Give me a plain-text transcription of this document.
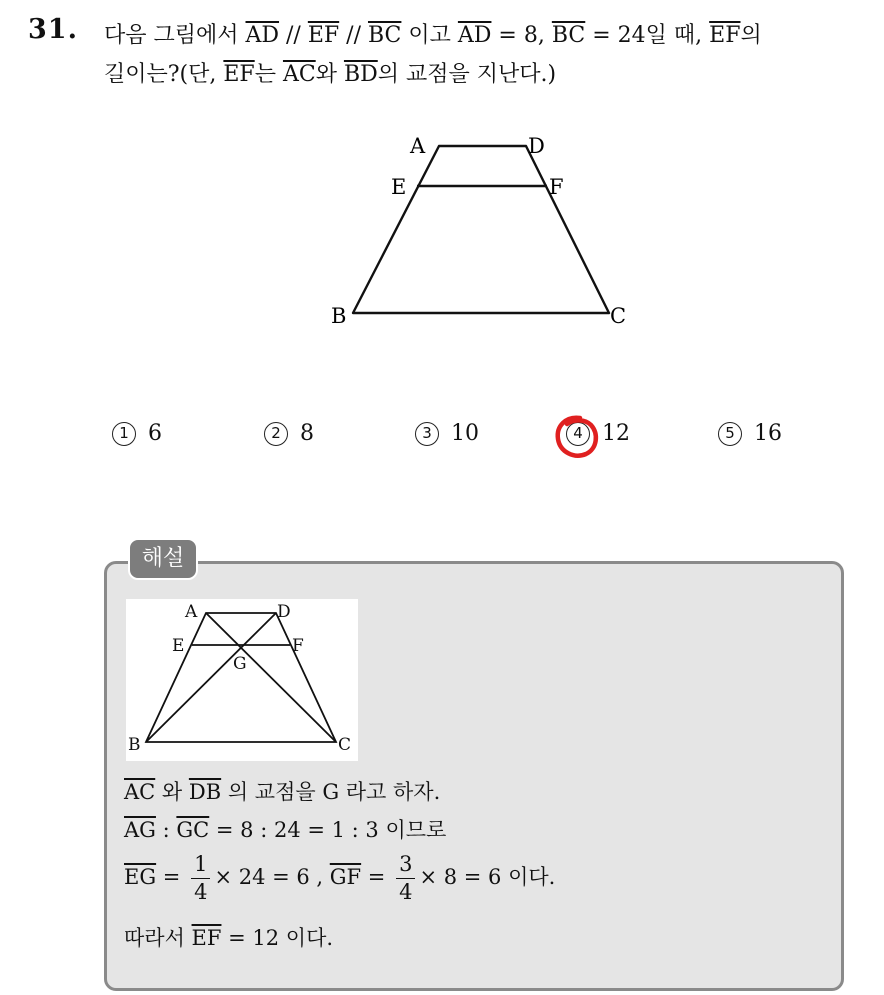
31. 다음 그림에서 $\overline{AD} // \overline{EF} // \overline{BC}$ 이고 $\overline{AD} = 8$, $\overline{BC} = 24$일 때, $\overline{EF}$의
길이는?(단, $\overline{EF}$는 $\overline{AC}$와 $\overline{BD}$의 교점을 지난다.)
A	D
E	F
B	C
1 6	2 8	3 10	4 12	5 16
해설
A	D
E	F
G
B	C
$\overline{AC}$ 와 $\overline{DB}$ 의 교점을 G 라고 하자.
$\overline{AG}$ : $\overline{GC} = 8$ : 24 = 1 : 3 이므로
$\overline{EG} = \frac{1}{4} \times 24 = 6$ , $\overline{GF} = \frac{3}{4} \times 8 = 6$ 이다.
따라서 $\overline{EF} = 12$ 이다.
